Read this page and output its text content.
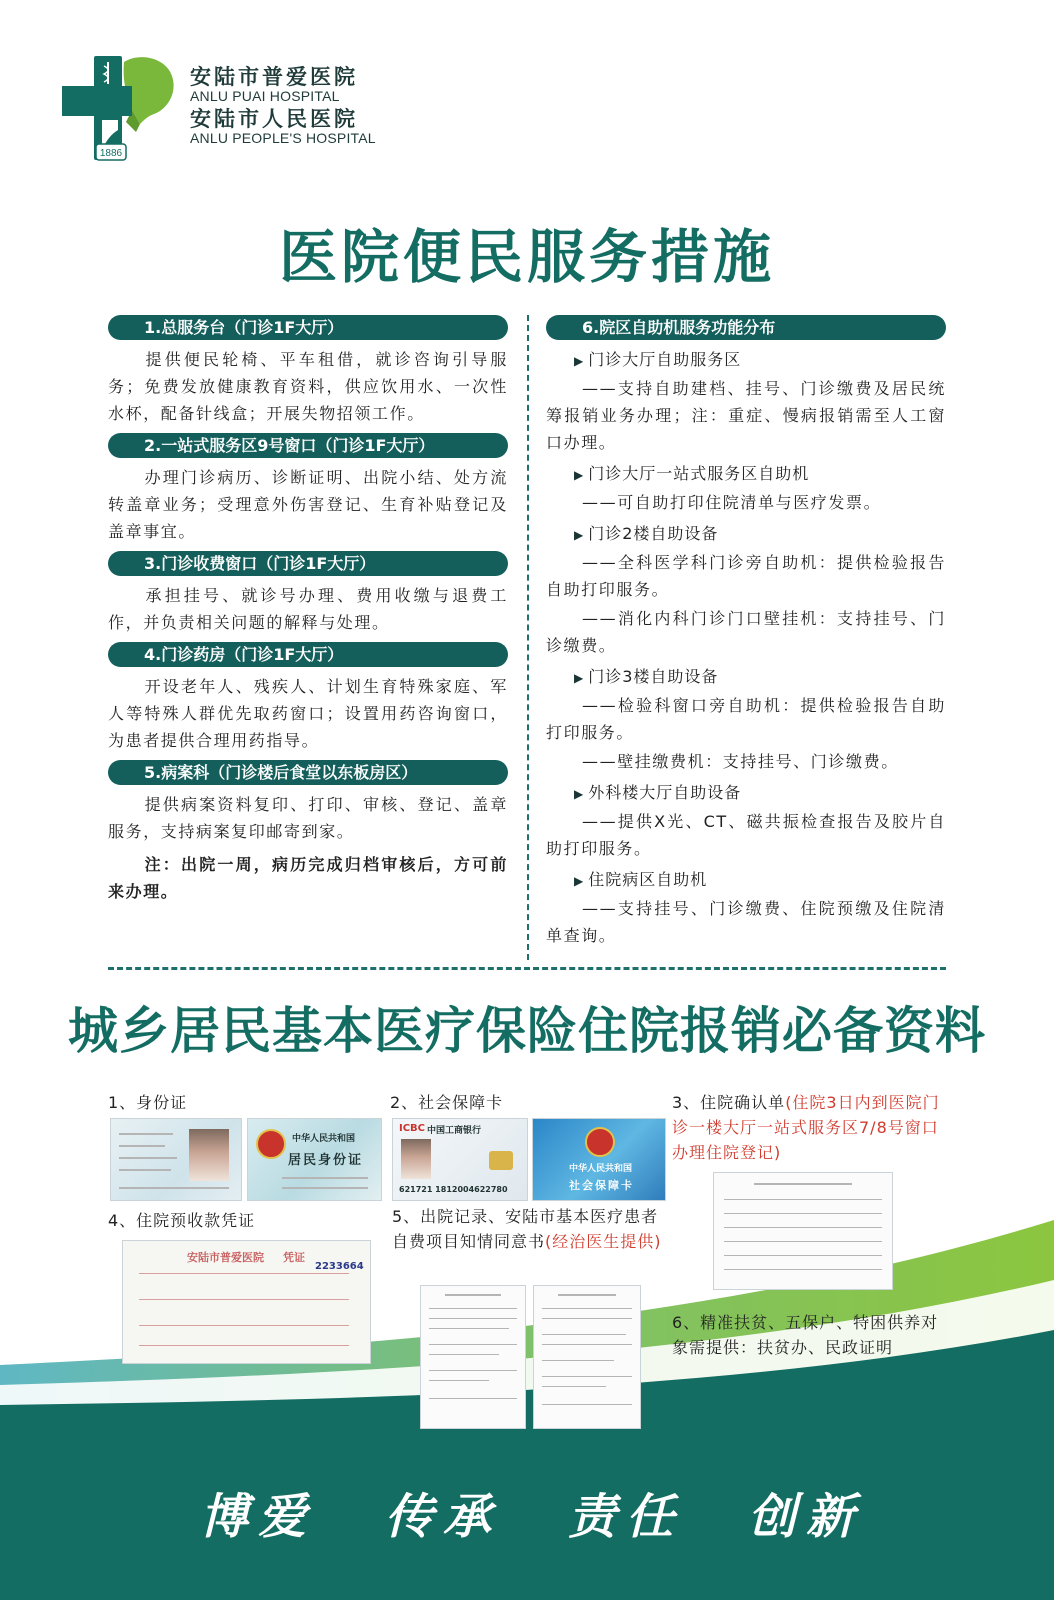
1886
安陆市普爱医院
ANLU PUAI HOSPITAL
安陆市人民医院
ANLU PEOPLE'S HOSPITAL
医院便民服务措施
1.总服务台（门诊1F大厅）
提供便民轮椅、平车租借，就诊咨询引导服务；免费发放健康教育资料，供应饮用水、一次性水杯，配备针线盒；开展失物招领工作。
2.一站式服务区9号窗口（门诊1F大厅）
办理门诊病历、诊断证明、出院小结、处方流转盖章业务；受理意外伤害登记、生育补贴登记及盖章事宜。
3.门诊收费窗口（门诊1F大厅）
承担挂号、就诊号办理、费用收缴与退费工作，并负责相关问题的解释与处理。
4.门诊药房（门诊1F大厅）
开设老年人、残疾人、计划生育特殊家庭、军人等特殊人群优先取药窗口；设置用药咨询窗口，为患者提供合理用药指导。
5.病案科（门诊楼后食堂以东板房区）
提供病案资料复印、打印、审核、登记、盖章服务，支持病案复印邮寄到家。
注：出院一周，病历完成归档审核后，方可前来办理。
6.院区自助机服务功能分布
▶ 门诊大厅自助服务区
——支持自助建档、挂号、门诊缴费及居民统筹报销业务办理；注：重症、慢病报销需至人工窗口办理。
▶ 门诊大厅一站式服务区自助机
——可自助打印住院清单与医疗发票。
▶ 门诊2楼自助设备
——全科医学科门诊旁自助机：提供检验报告自助打印服务。
——消化内科门诊门口壁挂机：支持挂号、门诊缴费。
▶ 门诊3楼自助设备
——检验科窗口旁自助机：提供检验报告自助打印服务。
——壁挂缴费机：支持挂号、门诊缴费。
▶ 外科楼大厅自助设备
——提供X光、CT、磁共振检查报告及胶片自助打印服务。
▶ 住院病区自助机
——支持挂号、门诊缴费、住院预缴及住院清单查询。
城乡居民基本医疗保险住院报销必备资料
1、身份证	2、社会保障卡	3、住院确认单(住院3日内到医院门诊一楼大厅一站式服务区7/8号窗口办理住院登记)
4、住院预收款凭证	5、出院记录、安陆市基本医疗患者自费项目知情同意书(经治医生提供)
6、精准扶贫、五保户、特困供养对象需提供：扶贫办、民政证明
中华人民共和国
居民身份证
ICBC 中国工商银行
621721 1812004622780
中华人民共和国
社会保障卡
安陆市普爱医院 凭证
2233664
博爱 传承 责任 创新
